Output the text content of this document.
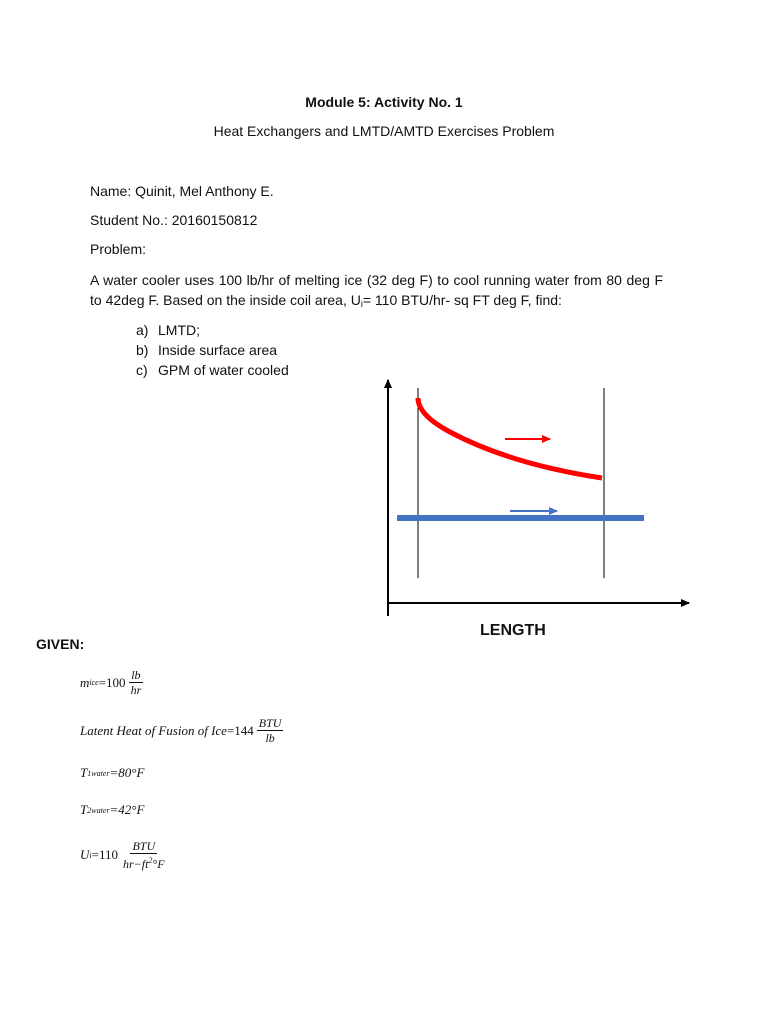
Module 5: Activity No. 1
Heat Exchangers and LMTD/AMTD Exercises Problem
Name: Quinit, Mel Anthony E.
Student No.: 20160150812
Problem:
A water cooler uses 100 lb/hr of melting ice (32 deg F) to cool running water from 80 deg F to 42deg F. Based on the inside coil area, $U_i= 110$ BTU/hr- sq FT deg F, find:
a) LMTD;
b) Inside surface area
c) GPM of water cooled
LENGTH
GIVEN:
m ice $=100 \frac{lb}{hr}$
Latent Heat of Fusion of Ice $=144 \frac{\text{BTU}}{lb}$
T 1water =80°F
T 2water =42°F
U $i =110 \frac{\text{BTU}}{hr-ft^2^\circ F}$
